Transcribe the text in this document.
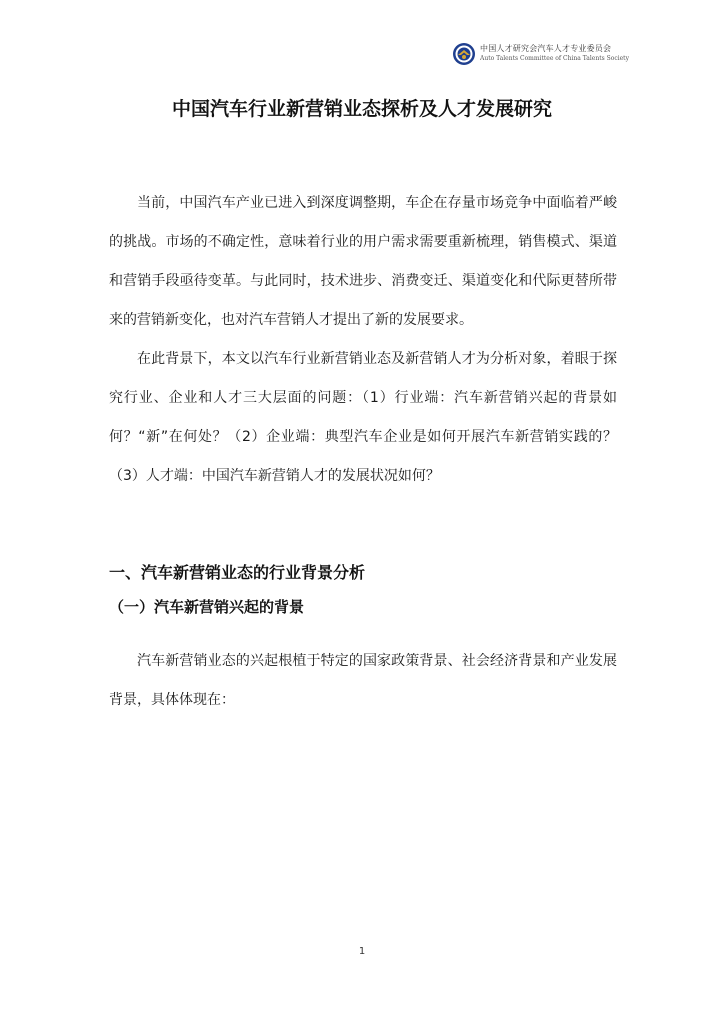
中国人才研究会汽车人才专业委员会
Auto Talents Committee of China Talents Society
中国汽车行业新营销业态探析及人才发展研究

当前，中国汽车产业已进入到深度调整期，车企在存量市场竞争中面临着严峻的挑战。市场的不确定性，意味着行业的用户需求需要重新梳理，销售模式、渠道和营销手段亟待变革。与此同时，技术进步、消费变迁、渠道变化和代际更替所带来的营销新变化，也对汽车营销人才提出了新的发展要求。

在此背景下，本文以汽车行业新营销业态及新营销人才为分析对象，着眼于探究行业、企业和人才三大层面的问题：（1）行业端：汽车新营销兴起的背景如何？“新”在何处？（2）企业端：典型汽车企业是如何开展汽车新营销实践的？（3）人才端：中国汽车新营销人才的发展状况如何？

一、汽车新营销业态的行业背景分析
（一）汽车新营销兴起的背景

汽车新营销业态的兴起根植于特定的国家政策背景、社会经济背景和产业发展背景，具体体现在：

1
